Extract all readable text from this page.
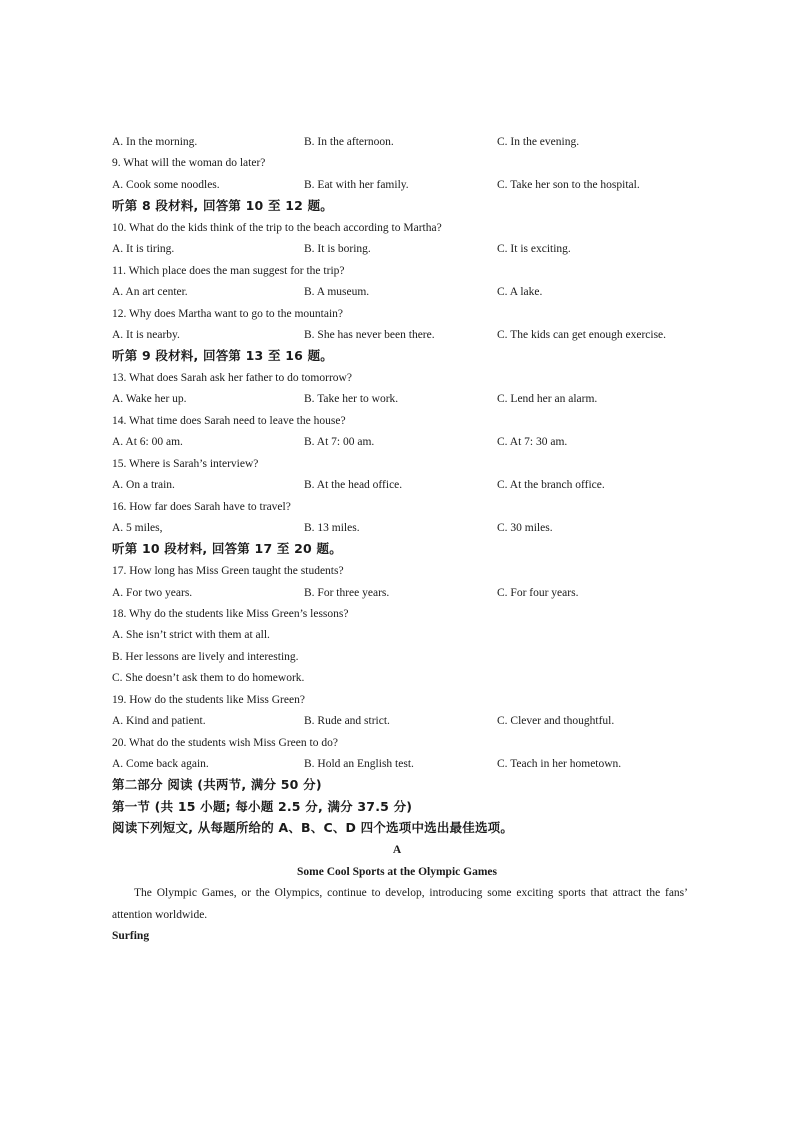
A. In the morning.	B. In the afternoon.	C. In the evening.
9. What will the woman do later?
A. Cook some noodles.	B. Eat with her family.	C. Take her son to the hospital.
听第 8 段材料, 回答第 10 至 12 题。
10. What do the kids think of the trip to the beach according to Martha?
A. It is tiring.	B. It is boring.	C. It is exciting.
11. Which place does the man suggest for the trip?
A. An art center.	B. A museum.	C. A lake.
12. Why does Martha want to go to the mountain?
A. It is nearby.	B. She has never been there.	C. The kids can get enough exercise.
听第 9 段材料, 回答第 13 至 16 题。
13. What does Sarah ask her father to do tomorrow?
A. Wake her up.	B. Take her to work.	C. Lend her an alarm.
14. What time does Sarah need to leave the house?
A. At 6: 00 am.	B. At 7: 00 am.	C. At 7: 30 am.
15. Where is Sarah’s interview?
A. On a train.	B. At the head office.	C. At the branch office.
16. How far does Sarah have to travel?
A. 5 miles,	B. 13 miles.	C. 30 miles.
听第 10 段材料, 回答第 17 至 20 题。
17. How long has Miss Green taught the students?
A. For two years.	B. For three years.	C. For four years.
18. Why do the students like Miss Green’s lessons?
A. She isn’t strict with them at all.
B. Her lessons are lively and interesting.
C. She doesn’t ask them to do homework.
19. How do the students like Miss Green?
A. Kind and patient.	B. Rude and strict.	C. Clever and thoughtful.
20. What do the students wish Miss Green to do?
A. Come back again.	B. Hold an English test.	C. Teach in her hometown.
第二部分 阅读 (共两节, 满分 50 分)
第一节 (共 15 小题; 每小题 2.5 分, 满分 37.5 分)
阅读下列短文, 从每题所给的 A、B、C、D 四个选项中选出最佳选项。
A
Some Cool Sports at the Olympic Games
The Olympic Games, or the Olympics, continue to develop, introducing some exciting sports that attract the fans’ attention worldwide.
Surfing
